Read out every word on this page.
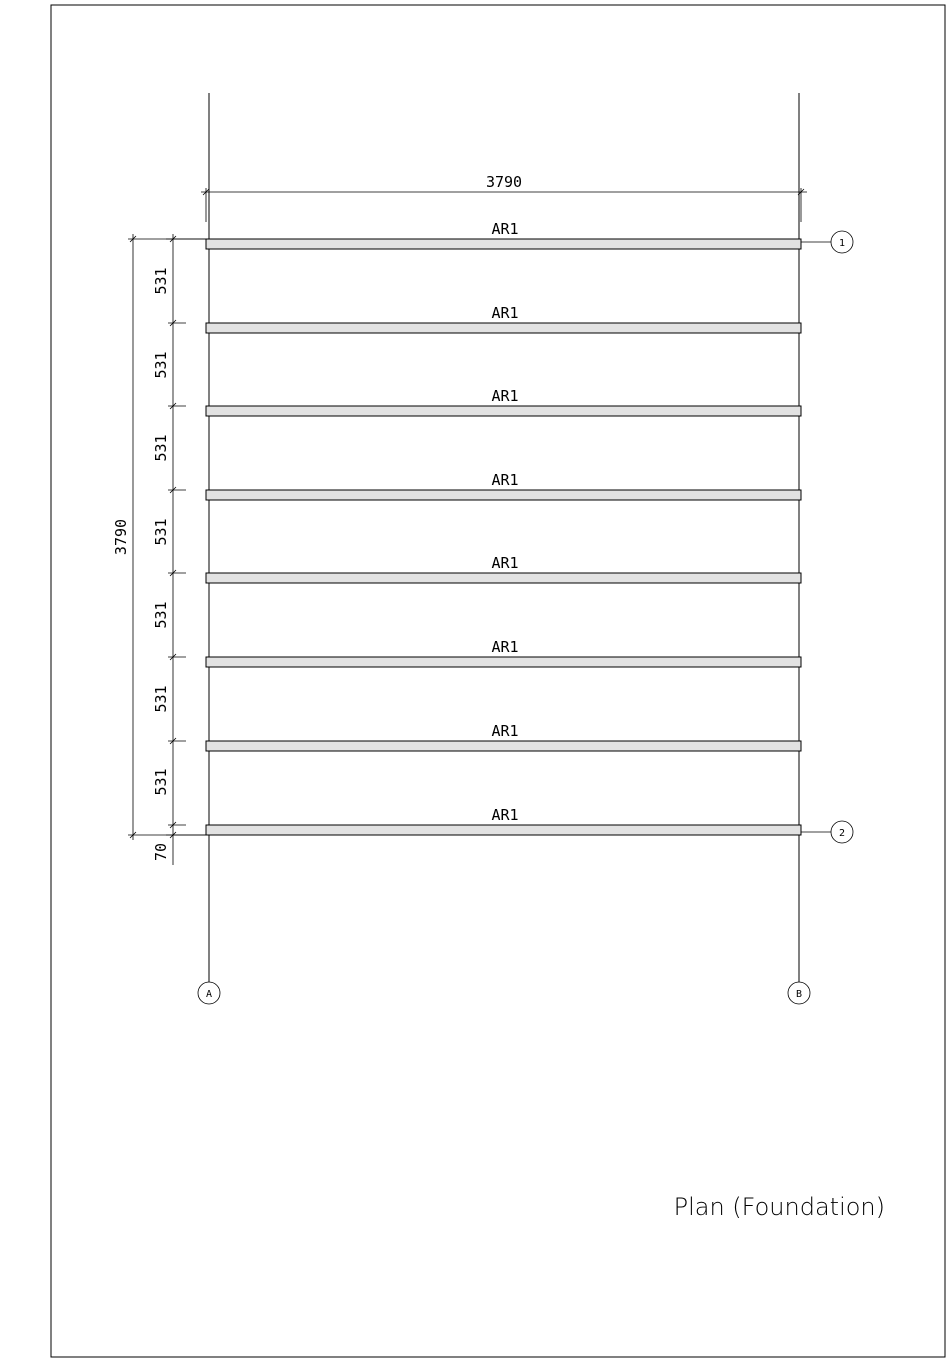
3790
3790
531
531
531
531
531
531
531
70
AR1
AR1
AR1
AR1
AR1
AR1
AR1
AR1
1
2
A	B
Plan (Foundation)
